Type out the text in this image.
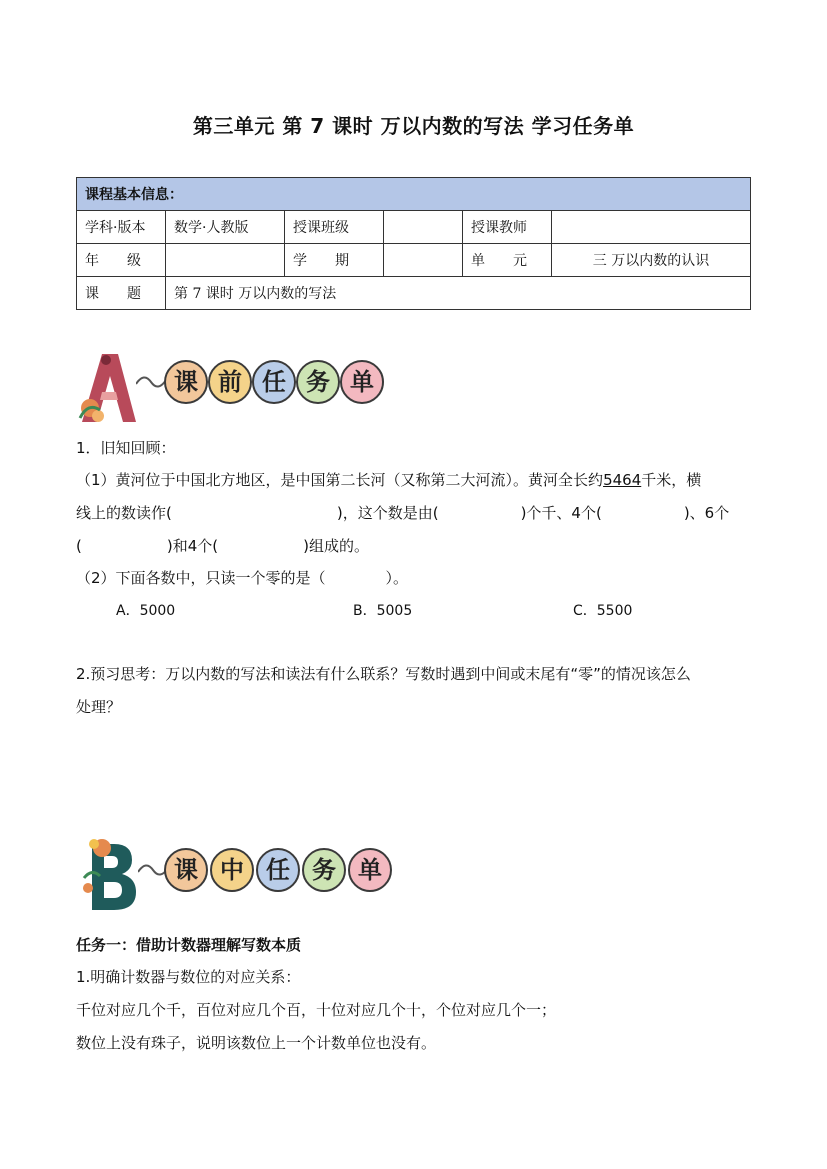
第三单元 第 7 课时 万以内数的写法 学习任务单
课程基本信息：					
学科·版本	数学·人教版	授课班级		授课教师	
年　　级		学　　期		单　　元	三 万以内数的认识
课　　题	第 7 课时 万以内数的写法				
课 前 任 务 单
1．旧知回顾：
（1）黄河位于中国北方地区，是中国第二长河（又称第二大河流）。黄河全长约5464千米，横
线上的数读作(	)，这个数是由(	)个千、4个(	)、6个
(	)和4个(	)组成的。
（2）下面各数中，只读一个零的是（	）。
A．5000	B．5005	C．5500
2.预习思考：万以内数的写法和读法有什么联系？写数时遇到中间或末尾有“零”的情况该怎么
处理？
课 中 任 务 单
任务一：借助计数器理解写数本质
1.明确计数器与数位的对应关系：
千位对应几个千，百位对应几个百，十位对应几个十，个位对应几个一；
数位上没有珠子，说明该数位上一个计数单位也没有。
